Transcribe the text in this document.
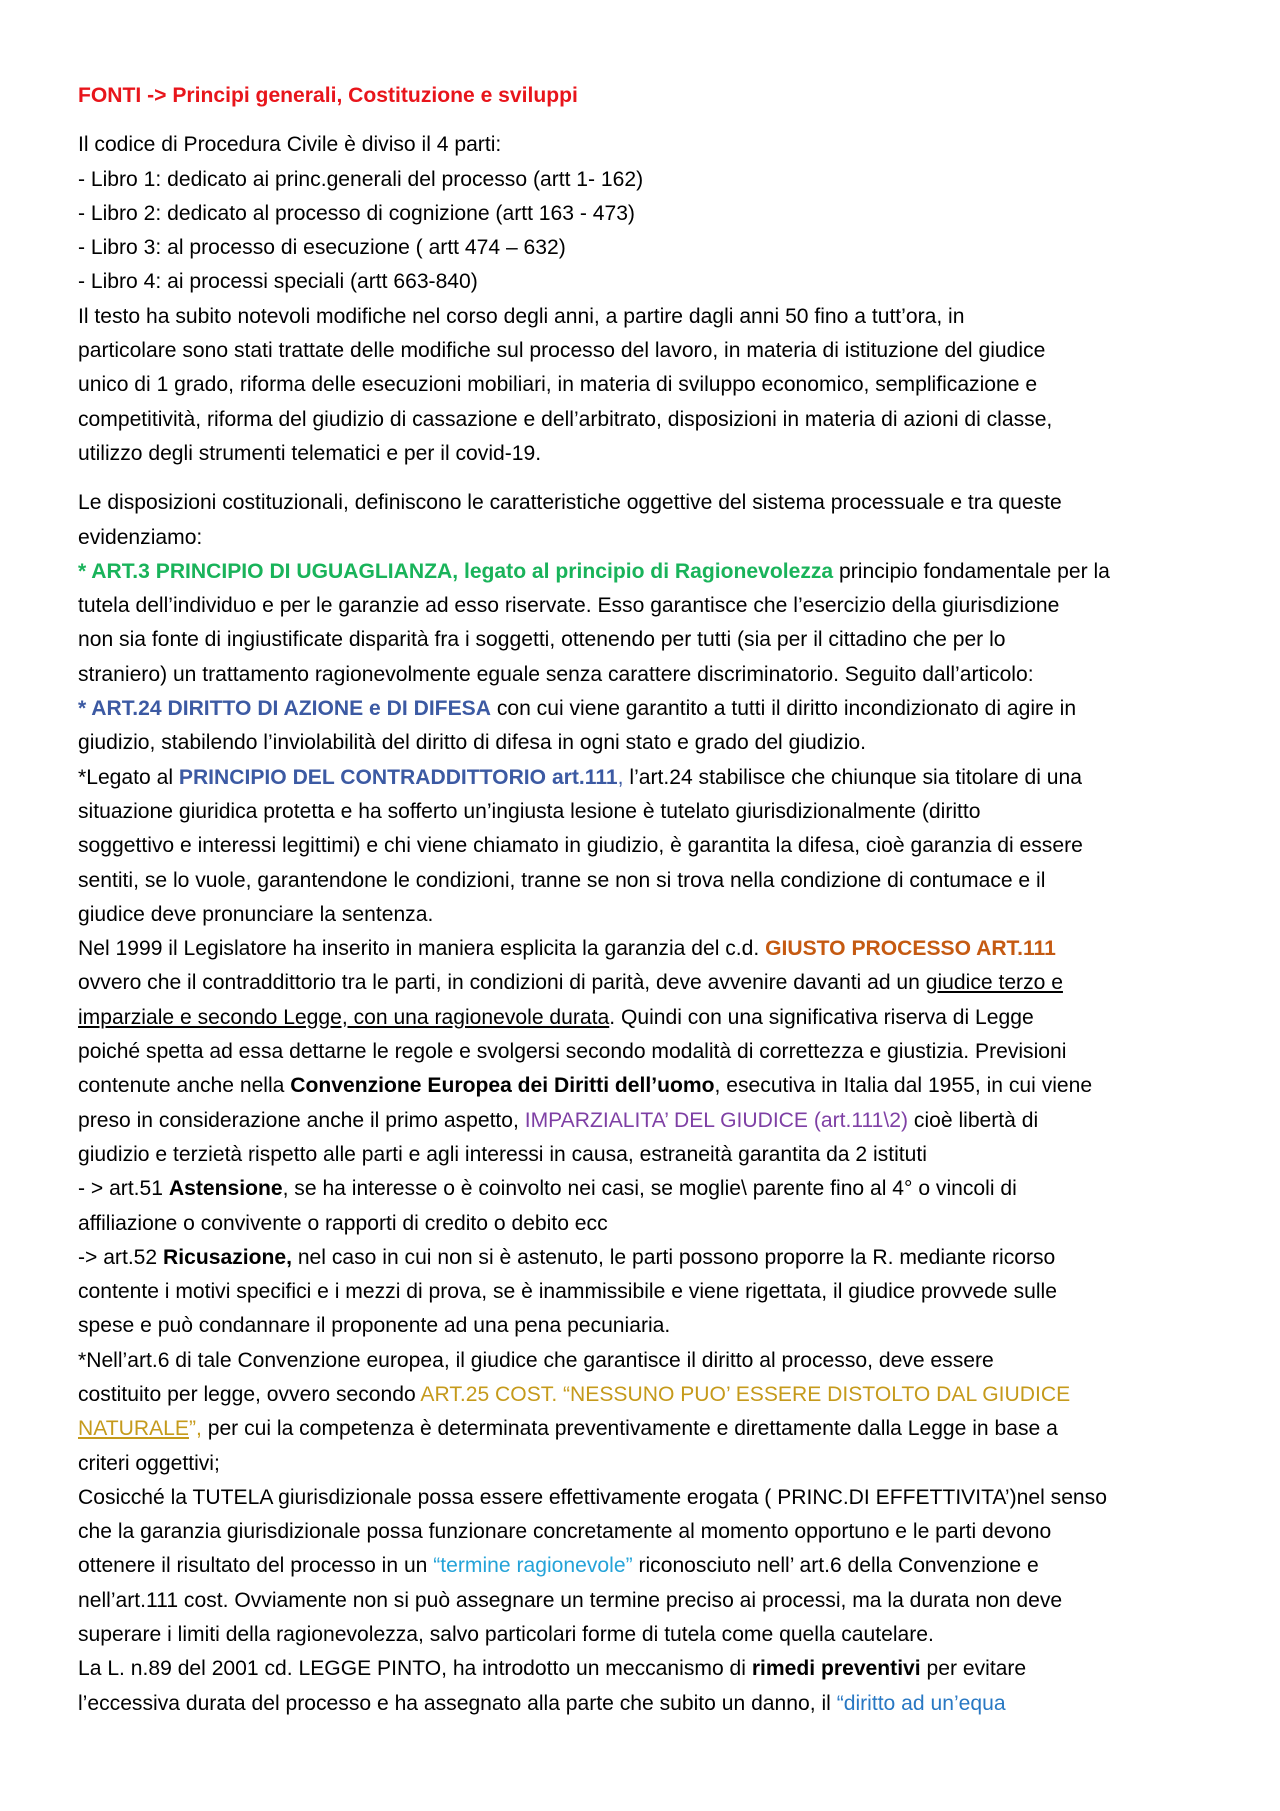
FONTI -> Principi generali, Costituzione e sviluppi

Il codice di Procedura Civile è diviso il 4 parti:

- Libro 1: dedicato ai princ.generali del processo (artt 1- 162)

- Libro 2: dedicato al processo di cognizione (artt 163 - 473)

- Libro 3: al processo di esecuzione ( artt 474 – 632)

- Libro 4: ai processi speciali (artt 663-840)

Il testo ha subito notevoli modifiche nel corso degli anni, a partire dagli anni 50 fino a tutt’ora, in

particolare sono stati trattate delle modifiche sul processo del lavoro, in materia di istituzione del giudice

unico di 1 grado, riforma delle esecuzioni mobiliari, in materia di sviluppo economico, semplificazione e

competitività, riforma del giudizio di cassazione e dell’arbitrato, disposizioni in materia di azioni di classe,

utilizzo degli strumenti telematici e per il covid-19.

Le disposizioni costituzionali, definiscono le caratteristiche oggettive del sistema processuale e tra queste

evidenziamo:

* ART.3 PRINCIPIO DI UGUAGLIANZA, legato al principio di Ragionevolezza principio fondamentale per la

tutela dell’individuo e per le garanzie ad esso riservate. Esso garantisce che l’esercizio della giurisdizione

non sia fonte di ingiustificate disparità fra i soggetti, ottenendo per tutti (sia per il cittadino che per lo

straniero) un trattamento ragionevolmente eguale senza carattere discriminatorio. Seguito dall’articolo:

* ART.24 DIRITTO DI AZIONE e DI DIFESA con cui viene garantito a tutti il diritto incondizionato di agire in

giudizio, stabilendo l’inviolabilità del diritto di difesa in ogni stato e grado del giudizio.

*Legato al PRINCIPIO DEL CONTRADDITTORIO art.111, l’art.24 stabilisce che chiunque sia titolare di una

situazione giuridica protetta e ha sofferto un’ingiusta lesione è tutelato giurisdizionalmente (diritto

soggettivo e interessi legittimi) e chi viene chiamato in giudizio, è garantita la difesa, cioè garanzia di essere

sentiti, se lo vuole, garantendone le condizioni, tranne se non si trova nella condizione di contumace e il

giudice deve pronunciare la sentenza.

Nel 1999 il Legislatore ha inserito in maniera esplicita la garanzia del c.d. GIUSTO PROCESSO ART.111

ovvero che il contraddittorio tra le parti, in condizioni di parità, deve avvenire davanti ad un giudice terzo e

imparziale e secondo Legge, con una ragionevole durata. Quindi con una significativa riserva di Legge

poiché spetta ad essa dettarne le regole e svolgersi secondo modalità di correttezza e giustizia. Previsioni

contenute anche nella Convenzione Europea dei Diritti dell’uomo, esecutiva in Italia dal 1955, in cui viene

preso in considerazione anche il primo aspetto, IMPARZIALITA’ DEL GIUDICE (art.111\2) cioè libertà di

giudizio e terzietà rispetto alle parti e agli interessi in causa, estraneità garantita da 2 istituti

- > art.51 Astensione, se ha interesse o è coinvolto nei casi, se moglie\ parente fino al 4° o vincoli di

affiliazione o convivente o rapporti di credito o debito ecc

-> art.52 Ricusazione, nel caso in cui non si è astenuto, le parti possono proporre la R. mediante ricorso

contente i motivi specifici e i mezzi di prova, se è inammissibile e viene rigettata, il giudice provvede sulle

spese e può condannare il proponente ad una pena pecuniaria.

*Nell’art.6 di tale Convenzione europea, il giudice che garantisce il diritto al processo, deve essere

costituito per legge, ovvero secondo ART.25 COST. “NESSUNO PUO’ ESSERE DISTOLTO DAL GIUDICE

NATURALE”, per cui la competenza è determinata preventivamente e direttamente dalla Legge in base a

criteri oggettivi;

Cosicché la TUTELA giurisdizionale possa essere effettivamente erogata ( PRINC.DI EFFETTIVITA’)nel senso

che la garanzia giurisdizionale possa funzionare concretamente al momento opportuno e le parti devono

ottenere il risultato del processo in un “termine ragionevole” riconosciuto nell’ art.6 della Convenzione e

nell’art.111 cost. Ovviamente non si può assegnare un termine preciso ai processi, ma la durata non deve

superare i limiti della ragionevolezza, salvo particolari forme di tutela come quella cautelare.

La L. n.89 del 2001 cd. LEGGE PINTO, ha introdotto un meccanismo di rimedi preventivi per evitare

l’eccessiva durata del processo e ha assegnato alla parte che subito un danno, il “diritto ad un’equa
